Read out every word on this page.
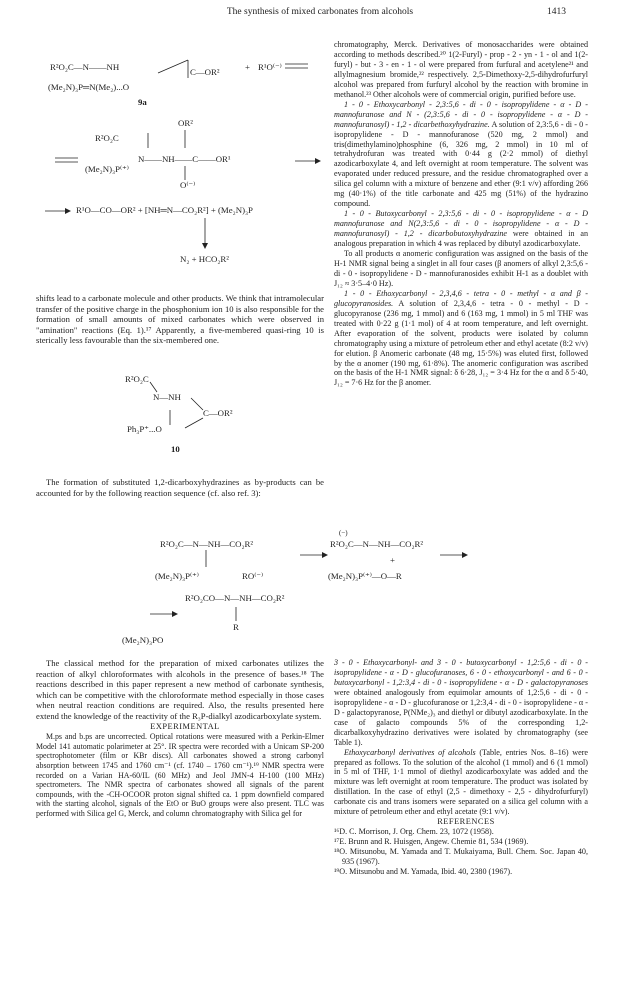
The synthesis of mixed carbonates from alcohols	1413
R²O₂C—N——NH	C—OR²
(Me₂N)₃P═N(Me₂)...O
+ R¹O⁽⁻⁾
9a
OR²
R²O₂C
N——NH——C——OR¹
(Me₂N)₃P⁽⁺⁾
O⁽⁻⁾
R¹O—CO—OR² + [NH═N—CO₂R²] + (Me₂N)₃P
N₂ + HCO₂R²

shifts lead to a carbonate molecule and other products. We think that intramolecular transfer of the positive charge in the phosphonium ion 10 is also responsible for the formation of small amounts of mixed carbonates which were observed in "amination" reactions (Eq. 1).¹⁷ Apparently, a five-membered quasi-ring 10 is sterically less favourable than the six-membered one.

R²O₂C
N—NH
C—OR²
Ph₃P⁺...O
10

The formation of substituted 1,2-dicarboxyhydrazines as by-products can be accounted for by the following reaction sequence (cf. also ref. 3):

chromatography, Merck. Derivatives of monosaccharides were obtained according to methods described.²⁰ 1(2-Furyl) - prop - 2 - yn - 1 - ol and 1(2-furyl) - but - 3 - en - 1 - ol were prepared from furfural and acetylene²¹ and allylmagnesium bromide,²² respectively. 2,5-Dimethoxy-2,5-dihydrofurfuryl alcohol was prepared from furfuryl alcohol by the reaction with bromine in methanol.²³ Other alcohols were of commercial origin, purified before use.

1 - 0 - Ethoxycarbonyl - 2,3:5,6 - di - 0 - isopropylidene - α - D - mannofuranose and N - (2,3:5,6 - di - 0 - isopropylidene - α - D - mannofuranosyl) - 1,2 - dicarbethoxyhydrazine. A solution of 2,3:5,6 - di - 0 - isopropylidene - D - mannofuranose (520 mg, 2 mmol) and tris(dimethylamino)phosphine (6, 326 mg, 2 mmol) in 10 ml of tetrahydrofuran was treated with 0·44 g (2·2 mmol) of diethyl azodicarboxylate 4, and left overnight at room temperature. The solvent was evaporated under reduced pressure, and the residue chromatographed over a silica gel column with a mixture of benzene and ether (9:1 v/v) affording 266 mg (40·1%) of the title carbonate and 425 mg (51%) of the hydrazino compound.

1 - 0 - Butoxycarbonyl - 2,3:5,6 - di - 0 - isopropylidene - α - D mannofuranose and N(2,3:5,6 - di - 0 - isopropylidene - α - D - mannofuranosyl) - 1,2 - dicarbobutoxyhydrazine were obtained in an analogous preparation in which 4 was replaced by dibutyl azodicarboxylate.

To all products α anomeric configuration was assigned on the basis of the H-1 NMR signal being a singlet in all four cases (β anomers of alkyl 2,3:5,6 - di - 0 - isopropylidene - D - mannofuranosides exhibit H-1 as a doublet with J₁₂ ≈ 3·5–4·0 Hz).

1 - 0 - Ethoxycarbonyl - 2,3,4,6 - tetra - 0 - methyl - α and β - glucopyranosides. A solution of 2,3,4,6 - tetra - 0 - methyl - D - glucopyranose (236 mg, 1 mmol) and 6 (163 mg, 1 mmol) in 5 ml THF was treated with 0·22 g (1·1 mol) of 4 at room temperature, and left overnight. After evaporation of the solvent, products were isolated by column chromatography using a mixture of petroleum ether and ethyl acetate (8:2 v/v) for elution. β Anomeric carbonate (48 mg, 15·5%) was eluted first, followed by the α anomer (190 mg, 61·8%). The anomeric configuration was ascribed on the basis of the H-1 NMR signal: δ 6·28, J₁₂ = 3·4 Hz for the α and δ 5·40, J₁₂ = 7·6 Hz for the β anomer.

R²O₂C—N—NH—CO₂R²
(Me₂N)₃P⁽⁺⁾	RO⁽⁻⁾
(−)
R²O₂C—N—NH—CO₂R²
+
(Me₂N)₃P⁽⁺⁾—O—R
R²O₂CO—N—NH—CO₂R²
R
(Me₂N)₃PO

The classical method for the preparation of mixed carbonates utilizes the reaction of alkyl chloroformates with alcohols in the presence of bases.¹⁸ The reactions described in this paper represent a new method of carbonate synthesis, which can be competitive with the chloroformate method especially in those cases when neutral reaction conditions are required. Also, the results presented here extend the knowledge of the reactivity of the R₃P-dialkyl azodicarboxylate system.

EXPERIMENTAL

M.ps and b.ps are uncorrected. Optical rotations were measured with a Perkin-Elmer Model 141 automatic polarimeter at 25°. IR spectra were recorded with a Unicam SP-200 spectrophotometer (film or KBr discs). All carbonates showed a strong carbonyl absorption between 1745 and 1760 cm⁻¹ (cf. 1740 – 1760 cm⁻¹).¹⁹ NMR spectra were recorded on a Varian HA-60/IL (60 MHz) and Jeol JMN-4 H-100 (100 MHz) spectrometers. The NMR spectra of carbonates showed all signals of the parent compounds, with the -CH-OCOOR proton signal shifted ca. 1 ppm downfield compared with the starting alcohol, signals of the EtO or BuO groups were also present. TLC was performed with Silica gel G, Merck, and column chromatography with Silica gel for

3 - 0 - Ethoxycarbonyl- and 3 - 0 - butoxycarbonyl - 1,2:5,6 - di - 0 - isopropylidene - α - D - glucofuranoses, 6 - 0 - ethoxycarbonyl - and 6 - 0 - butoxycarbonyl - 1,2:3,4 - di - 0 - isopropylidene - α - D - galactopyranoses were obtained analogously from equimolar amounts of 1,2:5,6 - di - 0 - isopropylidene - α - D - glucofuranose or 1,2:3,4 - di - 0 - isopropylidene - α - D - galactopyranose, P(NMe₂)₃ and diethyl or dibutyl azodicarboxylate. In the case of galacto compounds 5% of the corresponding 1,2-dicarbalkoxyhydrazino derivatives were isolated by chromatography (see Table 1).

Ethoxycarbonyl derivatives of alcohols (Table, entries Nos. 8–16) were prepared as follows. To the solution of the alcohol (1 mmol) and 6 (1 mmol) in 5 ml of THF, 1·1 mmol of diethyl azodicarboxylate was added and the mixture was left overnight at room temperature. The product was isolated by distillation. In the case of ethyl (2,5 - dimethoxy - 2,5 - dihydrofurfuryl) carbonate cis and trans isomers were separated on a silica gel column with a mixture of petroleum ether and ethyl acetate (9:1 v/v).

REFERENCES

¹⁶D. C. Morrison, J. Org. Chem. 23, 1072 (1958).

¹⁷E. Brunn and R. Huisgen, Angew. Chemie 81, 534 (1969).

¹⁸O. Mitsunobu, M. Yamada and T. Mukaiyama, Bull. Chem. Soc. Japan 40, 935 (1967).

¹⁹O. Mitsunobu and M. Yamada, Ibid. 40, 2380 (1967).
